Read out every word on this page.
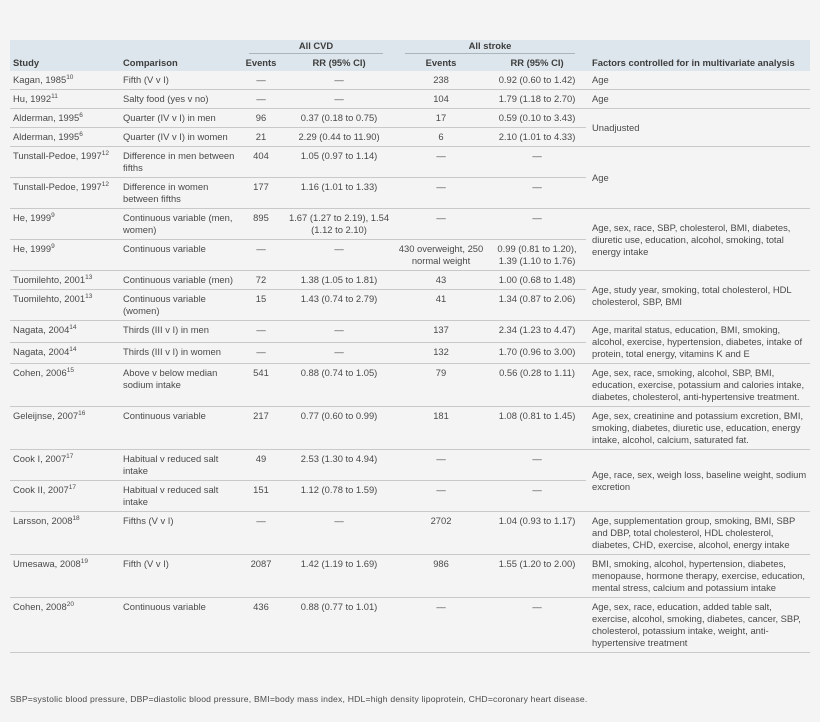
Study	Comparison	All CVD		All stroke		Factors controlled for in multivariate analysis
		Events	RR (95% CI)	Events	RR (95% CI)	
Kagan, 1985$^{10}$	Fifth (V v I)	—	—	238	0.92 (0.60 to 1.42)	Age
Hu, 1992$^{11}$	Salty food (yes v no)	—	—	104	1.79 (1.18 to 2.70)	Age
Alderman, 1995$^6$	Quarter (IV v I) in men	96	0.37 (0.18 to 0.75)	17	0.59 (0.10 to 3.43)	Unadjusted
Alderman, 1995$^6$	Quarter (IV v I) in women	21	2.29 (0.44 to 11.90)	6	2.10 (1.01 to 4.33)	
Tunstall-Pedoe, 1997$^{12}$	Difference in men between fifths	404	1.05 (0.97 to 1.14)	—	—	Age
Tunstall-Pedoe, 1997$^{12}$	Difference in women between fifths	177	1.16 (1.01 to 1.33)	—	—	
He, 1999$^9$	Continuous variable (men, women)	895	1.67 (1.27 to 2.19), 1.54 (1.12 to 2.10)	—	—	Age, sex, race, SBP, cholesterol, BMI, diabetes, diuretic use, education, alcohol, smoking, total energy intake
He, 1999$^9$	Continuous variable	—	—	430 overweight, 250 normal weight	0.99 (0.81 to 1.20), 1.39 (1.10 to 1.76)	
Tuomilehto, 2001$^{13}$	Continuous variable (men)	72	1.38 (1.05 to 1.81)	43	1.00 (0.68 to 1.48)	Age, study year, smoking, total cholesterol, HDL cholesterol, SBP, BMI
Tuomilehto, 2001$^{13}$	Continuous variable (women)	15	1.43 (0.74 to 2.79)	41	1.34 (0.87 to 2.06)	
Nagata, 2004$^{14}$	Thirds (III v I) in men	—	—	137	2.34 (1.23 to 4.47)	Age, marital status, education, BMI, smoking, alcohol, exercise, hypertension, diabetes, intake of protein, total energy, vitamins K and E
Nagata, 2004$^{14}$	Thirds (III v I) in women	—	—	132	1.70 (0.96 to 3.00)	
Cohen, 2006$^{15}$	Above v below median sodium intake	541	0.88 (0.74 to 1.05)	79	0.56 (0.28 to 1.11)	Age, sex, race, smoking, alcohol, SBP, BMI, education, exercise, potassium and calories intake, diabetes, cholesterol, anti-hypertensive treatment.
Geleijnse, 2007$^{16}$	Continuous variable	217	0.77 (0.60 to 0.99)	181	1.08 (0.81 to 1.45)	Age, sex, creatinine and potassium excretion, BMI, smoking, diabetes, diuretic use, education, energy intake, alcohol, calcium, saturated fat.
Cook I, 2007$^{17}$	Habitual v reduced salt intake	49	2.53 (1.30 to 4.94)	—	—	Age, race, sex, weigh loss, baseline weight, sodium excretion
Cook II, 2007$^{17}$	Habitual v reduced salt intake	151	1.12 (0.78 to 1.59)	—	—	
Larsson, 2008$^{18}$	Fifths (V v I)	—	—	2702	1.04 (0.93 to 1.17)	Age, supplementation group, smoking, BMI, SBP and DBP, total cholesterol, HDL cholesterol, diabetes, CHD, exercise, alcohol, energy intake
Umesawa, 2008$^{19}$	Fifth (V v I)	2087	1.42 (1.19 to 1.69)	986	1.55 (1.20 to 2.00)	BMI, smoking, alcohol, hypertension, diabetes, menopause, hormone therapy, exercise, education, mental stress, calcium and potassium intake
Cohen, 2008$^{20}$	Continuous variable	436	0.88 (0.77 to 1.01)	—	—	Age, sex, race, education, added table salt, exercise, alcohol, smoking, diabetes, cancer, SBP, cholesterol, potassium intake, weight, anti-hypertensive treatment
SBP=systolic blood pressure, DBP=diastolic blood pressure, BMI=body mass index, HDL=high density lipoprotein, CHD=coronary heart disease.
